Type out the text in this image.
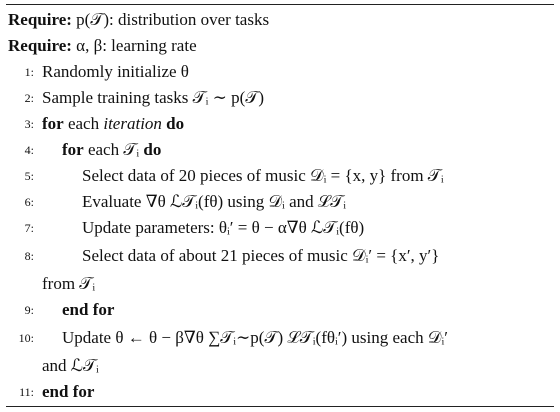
Require: p(𝒯): distribution over tasks
Require: α, β: learning rate
1: Randomly initialize θ
2: Sample training tasks 𝒯ᵢ ∼ p(𝒯)
3: for each iteration do
4: for each 𝒯ᵢ do
5:	Select data of 20 pieces of music 𝒟ᵢ = {x, y} from 𝒯ᵢ
6:	Evaluate ∇θ ℒ𝒯ᵢ(fθ) using 𝒟ᵢ and ℒ𝒯ᵢ
7:	Update parameters: θᵢ′ = θ − α∇θ ℒ𝒯ᵢ(fθ)
8:	Select data of about 21 pieces of music 𝒟ᵢ′ = {x′, y′}
from 𝒯ᵢ
9: end for
10: Update θ ← θ − β∇θ ∑𝒯ᵢ∼p(𝒯) ℒ𝒯ᵢ(fθᵢ′) using each 𝒟ᵢ′
and ℒ𝒯ᵢ
11: end for
